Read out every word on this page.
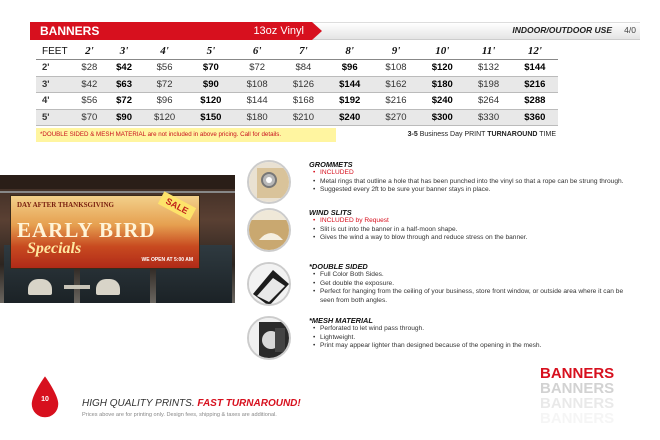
BANNERS	13oz Vinyl	INDOOR/OUTDOOR USE 4/0
FEET	2'	3'	4'	5'	6'	7'	8'	9'	10'	11'	12'
2'	$28	$42	$56	$70	$72	$84	$96	$108	$120	$132	$144
3'	$42	$63	$72	$90	$108	$126	$144	$162	$180	$198	$216
4'	$56	$72	$96	$120	$144	$168	$192	$216	$240	$264	$288
5'	$70	$90	$120	$150	$180	$210	$240	$270	$300	$330	$360
*DOUBLE SIDED & MESH MATERIAL are not included in above pricing. Call for details.	3-5 Business Day PRINT TURNAROUND TIME
DAY AFTER THANKSGIVING
EARLY BIRD
Specials
WE OPEN AT 5:00 AM
SALE
GROMMETS
• INCLUDED
• Metal rings that outline a hole that has been punched into the vinyl so that a rope can be strung through.
• Suggested every 2ft to be sure your banner stays in place.
WIND SLITS
• INCLUDED by Request
• Slit is cut into the banner in a half-moon shape.
• Gives the wind a way to blow through and reduce stress on the banner.
*DOUBLE SIDED
• Full Color Both Sides.
• Get double the exposure.
• Perfect for hanging from the ceiling of your business, store front window, or outside area where it can be seen from both angles.
*MESH MATERIAL
• Perforated to let wind pass through.
• Lightweight.
• Print may appear lighter than designed because of the opening in the mesh.
10	HIGH QUALITY PRINTS. FAST TURNAROUND!
Prices above are for printing only. Design fees, shipping & taxes are additional.
BANNERS
BANNERS
BANNERS
BANNERS
